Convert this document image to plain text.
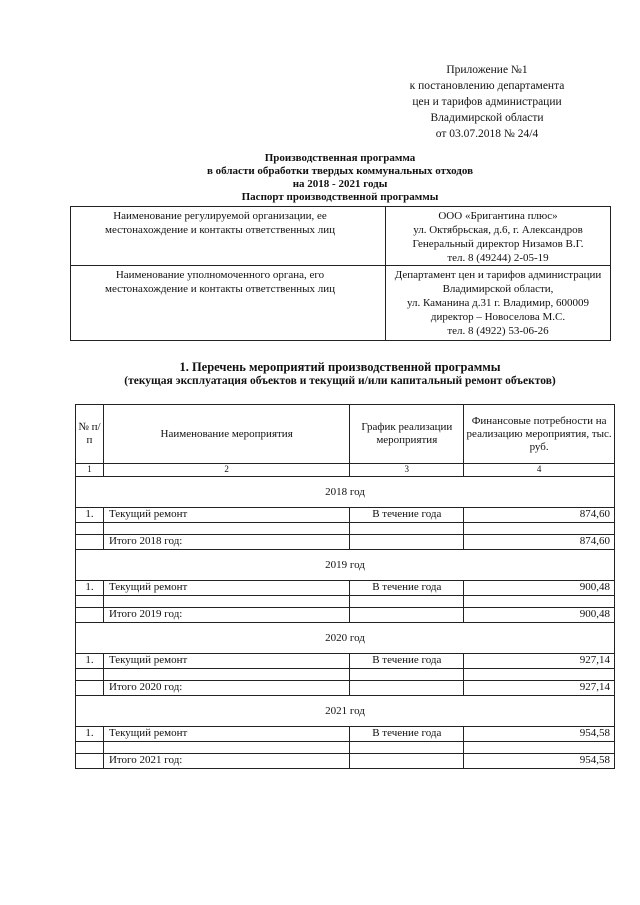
Приложение №1
к постановлению департамента
цен и тарифов администрации
Владимирской области
от 03.07.2018 № 24/4
Производственная программа
в области обработки твердых коммунальных отходов
на 2018 - 2021 годы
Паспорт производственной программы
Наименование регулируемой организации, ее местонахождение и контакты ответственных лиц	ООО «Бригантина плюс»
ул. Октябрьская, д.6, г. Александров
Генеральный директор Низамов В.Г.
тел. 8 (49244) 2-05-19

Наименование уполномоченного органа, его местонахождение и контакты ответственных лиц	Департамент цен и тарифов администрации
Владимирской области,
ул. Каманина д.31 г. Владимир, 600009
директор – Новоселова М.С.
тел. 8 (4922) 53-06-26
1. Перечень мероприятий производственной программы
(текущая эксплуатация объектов и текущий и/или капитальный ремонт объектов)
№ п/п	Наименование мероприятия	График реализации мероприятия	Финансовые потребности на реализацию мероприятия, тыс. руб.
1	2	3	4
2018 год			
1.	Текущий ремонт	В течение года	874,60

	Итого 2018 год:		874,60
2019 год			
1.	Текущий ремонт	В течение года	900,48

	Итого 2019 год:		900,48
2020 год			
1.	Текущий ремонт	В течение года	927,14

	Итого 2020 год:		927,14
2021 год			
1.	Текущий ремонт	В течение года	954,58

	Итого 2021 год:		954,58
